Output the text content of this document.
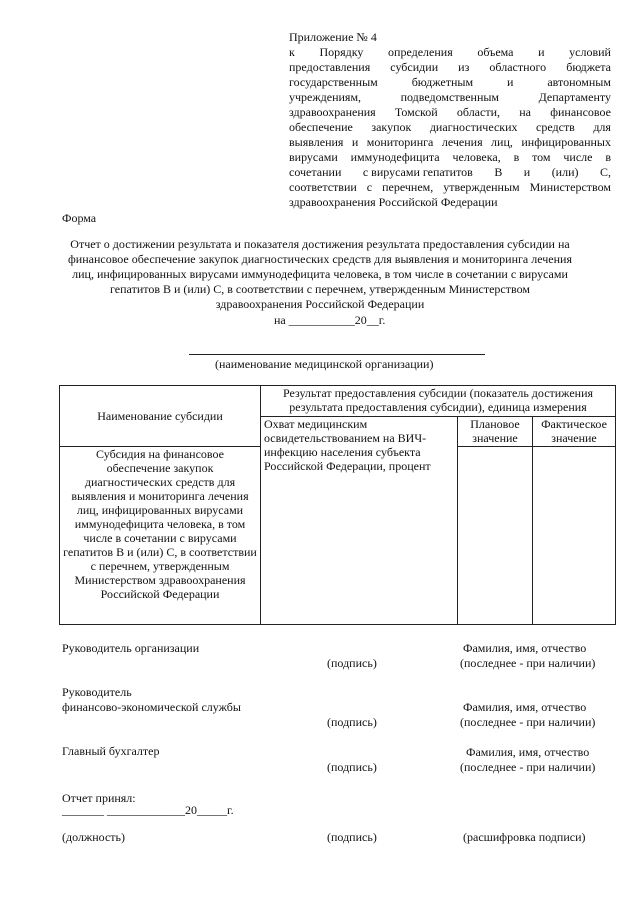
Приложение № 4
к Порядку определения объема и условий
предоставления субсидии из областного бюджета
государственным	бюджетным	и	автономным
учреждениям,	подведомственным	Департаменту
здравоохранения Томской области, на финансовое
обеспечение закупок диагностических средств для
выявления и мониторинга лечения лиц, инфицированных
вирусами иммунодефицита человека, в том числе в
сочетании с вирусами гепатитов В и (или) С,
соответствии с перечнем, утвержденным Министерством
здравоохранения Российской Федерации
Форма
Отчет о достижении результата и показателя достижения результата предоставления субсидии на
финансовое обеспечение закупок диагностических средств для выявления и мониторинга лечения
лиц, инфицированных вирусами иммунодефицита человека, в том числе в сочетании с вирусами
гепатитов В и (или) С, в соответствии с перечнем, утвержденным Министерством
здравоохранения Российской Федерации
на ___________20__г.
(наименование медицинской организации)
Наименование субсидии	Результат предоставления субсидии (показатель достижения результата предоставления субсидии), единица измерения		
	Охват медицинским освидетельствованием на ВИЧ-инфекцию населения субъекта Российской Федерации, процент	Плановое значение	Фактическое значение
Субсидия на финансовое обеспечение закупок диагностических средств для выявления и мониторинга лечения лиц, инфицированных вирусами иммунодефицита человека, в том числе в сочетании с вирусами гепатитов В и (или) С, в соответствии с перечнем, утвержденным Министерством здравоохранения Российской Федерации			
Руководитель организации
(подпись)
Фамилия, имя, отчество
(последнее - при наличии)
Руководитель
финансово-экономической службы
(подпись)
Фамилия, имя, отчество
(последнее - при наличии)
Главный бухгалтер
(подпись)
Фамилия, имя, отчество
(последнее - при наличии)
Отчет принял:
_______ _____________20_____г.
(должность)	(подпись)	(расшифровка подписи)
